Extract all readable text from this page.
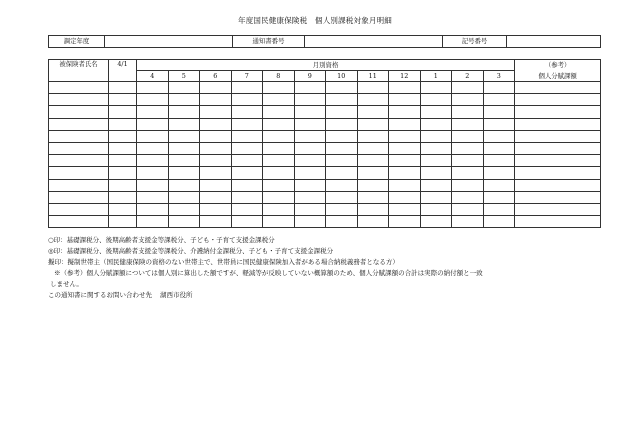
年度国民健康保険税　個人別課税対象月明細
調定年度		通知書番号		記号番号	
被保険者氏名	4/1	月別資格												（参考）
		4	5	6	7	8	9	10	11	12	1	2	3	個人分賦課額

○印：基礎課税分、後期高齢者支援金等課税分、子ども・子育て支援金課税分
◎印：基礎課税分、後期高齢者支援金等課税分、介護納付金課税分、子ども・子育て支援金課税分
擬印：擬制世帯主（国民健康保険の資格のない世帯主で、世帯員に国民健康保険加入者がある場合納税義務者となる方）
※（参考）個人分賦課額については個人別に算出した額ですが、軽減等が反映していない概算額のため、個人分賦課額の合計は実際の納付額と一致
しません。
この通知書に関するお問い合わせ先 湖西市役所
